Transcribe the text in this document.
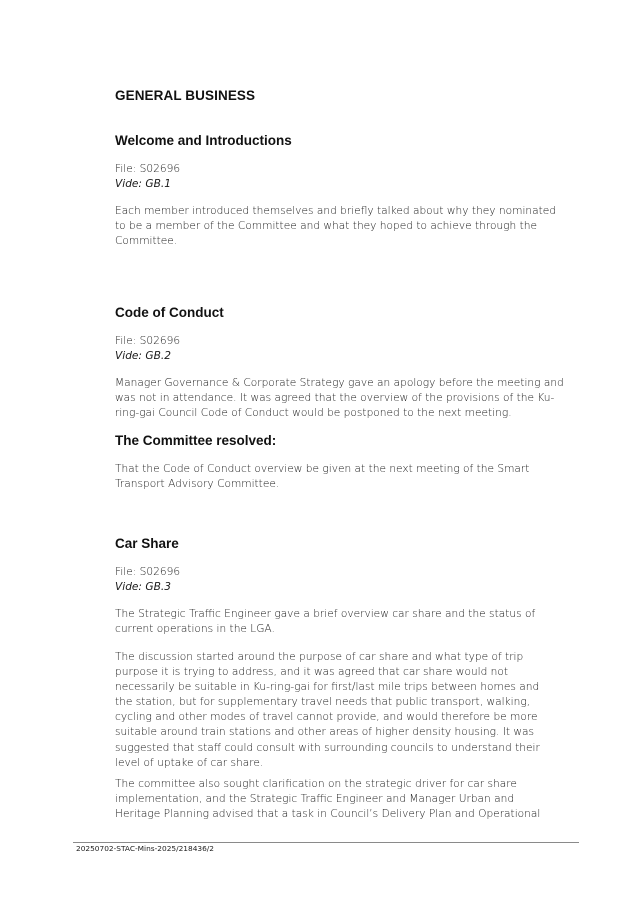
GENERAL BUSINESS
Welcome and Introductions
File: S02696
Vide: GB.1
Each member introduced themselves and briefly talked about why they nominated
to be a member of the Committee and what they hoped to achieve through the
Committee.
Code of Conduct
File: S02696
Vide: GB.2
Manager Governance & Corporate Strategy gave an apology before the meeting and
was not in attendance. It was agreed that the overview of the provisions of the Ku-
ring-gai Council Code of Conduct would be postponed to the next meeting.
The Committee resolved:
That the Code of Conduct overview be given at the next meeting of the Smart
Transport Advisory Committee.
Car Share
File: S02696
Vide: GB.3
The Strategic Traffic Engineer gave a brief overview car share and the status of
current operations in the LGA.
The discussion started around the purpose of car share and what type of trip
purpose it is trying to address, and it was agreed that car share would not
necessarily be suitable in Ku-ring-gai for first/last mile trips between homes and
the station, but for supplementary travel needs that public transport, walking,
cycling and other modes of travel cannot provide, and would therefore be more
suitable around train stations and other areas of higher density housing. It was
suggested that staff could consult with surrounding councils to understand their
level of uptake of car share.
The committee also sought clarification on the strategic driver for car share
implementation, and the Strategic Traffic Engineer and Manager Urban and
Heritage Planning advised that a task in Council’s Delivery Plan and Operational
20250702-STAC-Mins-2025/218436/2
